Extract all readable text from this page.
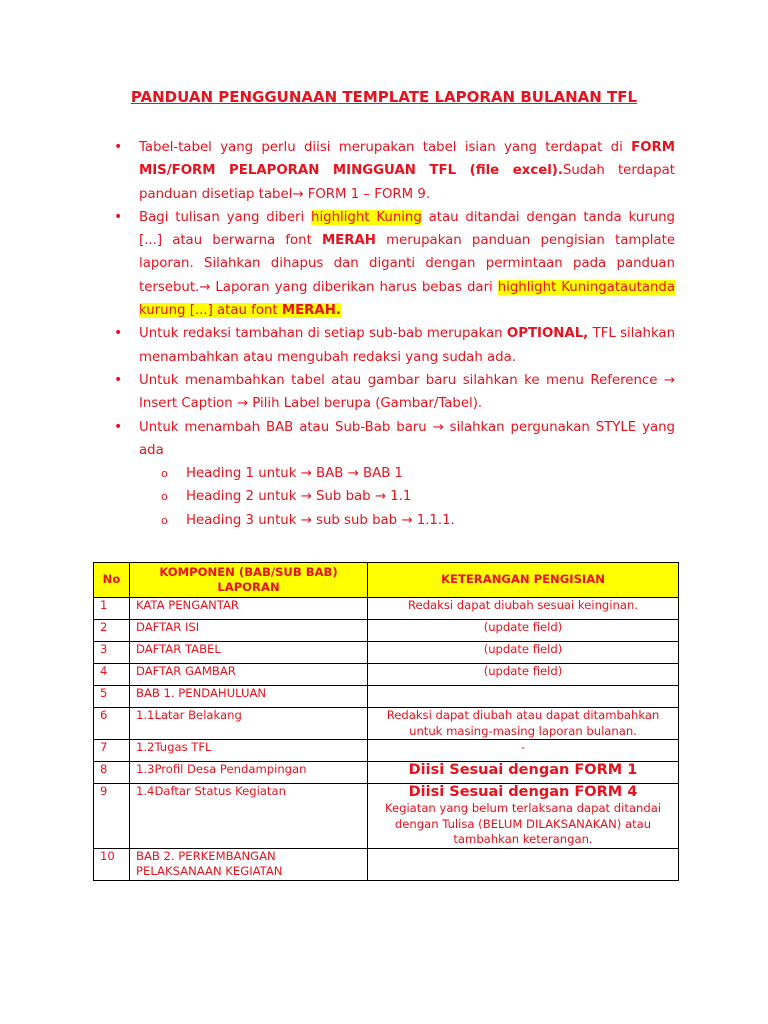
PANDUAN PENGGUNAAN TEMPLATE LAPORAN BULANAN TFL
• Tabel-tabel yang perlu diisi merupakan tabel isian yang terdapat di FORM MIS/FORM PELAPORAN MINGGUAN TFL (file excel).Sudah terdapat panduan disetiap tabel→ FORM 1 – FORM 9.
• Bagi tulisan yang diberi highlight Kuning atau ditandai dengan tanda kurung [...] atau berwarna font MERAH merupakan panduan pengisian tamplate laporan. Silahkan dihapus dan diganti dengan permintaan pada panduan tersebut.→ Laporan yang diberikan harus bebas dari highlight Kuningatautanda kurung [...] atau font MERAH.
• Untuk redaksi tambahan di setiap sub-bab merupakan OPTIONAL, TFL silahkan menambahkan atau mengubah redaksi yang sudah ada.
• Untuk menambahkan tabel atau gambar baru silahkan ke menu Reference → Insert Caption → Pilih Label berupa (Gambar/Tabel).
• Untuk menambah BAB atau Sub-Bab baru → silahkan pergunakan STYLE yang ada
o Heading 1 untuk → BAB → BAB 1
o Heading 2 untuk → Sub bab → 1.1
o Heading 3 untuk → sub sub bab → 1.1.1.
No	KOMPONEN (BAB/SUB BAB) LAPORAN	KETERANGAN PENGISIAN
1	KATA PENGANTAR	Redaksi dapat diubah sesuai keinginan.
2	DAFTAR ISI	(update field)
3	DAFTAR TABEL	(update field)
4	DAFTAR GAMBAR	(update field)
5	BAB 1. PENDAHULUAN	
6	1.1Latar Belakang	Redaksi dapat diubah atau dapat ditambahkan untuk masing-masing laporan bulanan.
7	1.2Tugas TFL	-
8	1.3Profil Desa Pendampingan	Diisi Sesuai dengan FORM 1

9	1.4Daftar Status Kegiatan	Diisi Sesuai dengan FORM 4
Kegiatan yang belum terlaksana dapat ditandai dengan Tulisa (BELUM DILAKSANAKAN) atau tambahkan keterangan.
10	BAB 2. PERKEMBANGAN PELAKSANAAN KEGIATAN	
